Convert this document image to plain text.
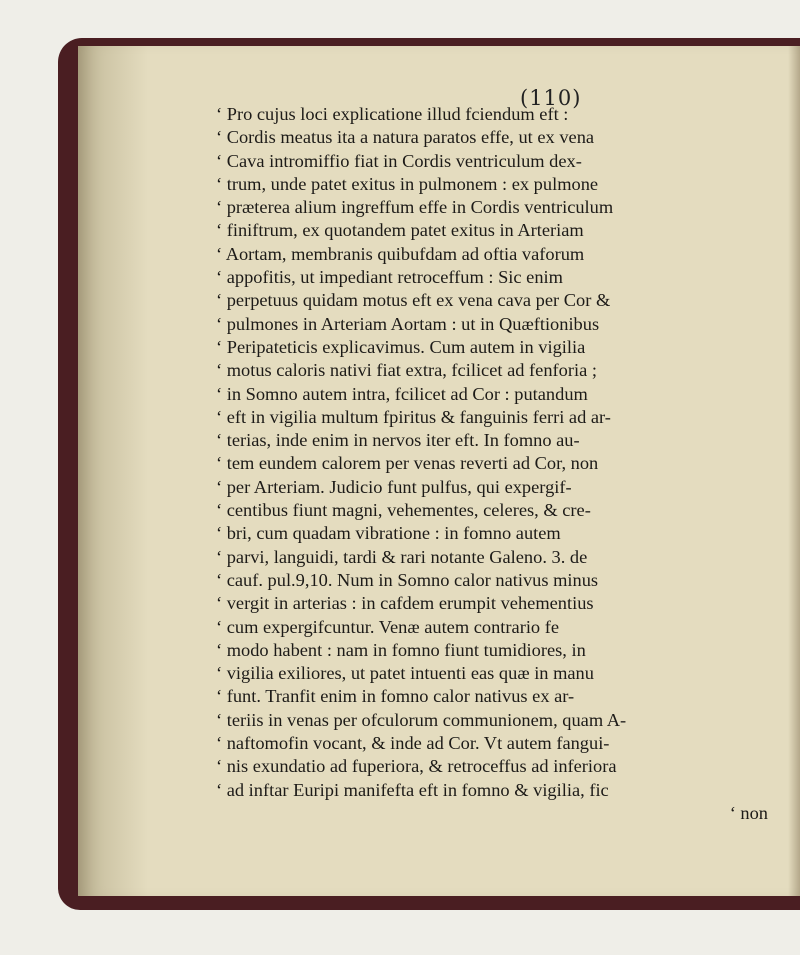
(110)
‘ Pro cujus loci explicatione illud fciendum eft :
‘ Cordis meatus ita a natura paratos effe, ut ex vena
‘ Cava intromiffio fiat in Cordis ventriculum dex-
‘ trum, unde patet exitus in pulmonem : ex pulmone
‘ præterea alium ingreffum effe in Cordis ventriculum
‘ finiftrum, ex quotandem patet exitus in Arteriam
‘ Aortam, membranis quibufdam ad oftia vaforum
‘ appofitis, ut impediant retroceffum : Sic enim
‘ perpetuus quidam motus eft ex vena cava per Cor &
‘ pulmones in Arteriam Aortam : ut in Quæftionibus
‘ Peripateticis explicavimus. Cum autem in vigilia
‘ motus caloris nativi fiat extra, fcilicet ad fenforia ;
‘ in Somno autem intra, fcilicet ad Cor : putandum
‘ eft in vigilia multum fpiritus & fanguinis ferri ad ar-
‘ terias, inde enim in nervos iter eft. In fomno au-
‘ tem eundem calorem per venas reverti ad Cor, non
‘ per Arteriam. Judicio funt pulfus, qui expergif-
‘ centibus fiunt magni, vehementes, celeres, & cre-
‘ bri, cum quadam vibratione : in fomno autem
‘ parvi, languidi, tardi & rari notante Galeno. 3. de
‘ cauf. pul.9,10. Num in Somno calor nativus minus
‘ vergit in arterias : in cafdem erumpit vehementius
‘ cum expergifcuntur. Venæ autem contrario fe
‘ modo habent : nam in fomno fiunt tumidiores, in
‘ vigilia exiliores, ut patet intuenti eas quæ in manu
‘ funt. Tranfit enim in fomno calor nativus ex ar-
‘ teriis in venas per ofculorum communionem, quam A-
‘ naftomofin vocant, & inde ad Cor. Vt autem fangui-
‘ nis exundatio ad fuperiora, & retroceffus ad inferiora
‘ ad inftar Euripi manifefta eft in fomno & vigilia, fic
‘ non
